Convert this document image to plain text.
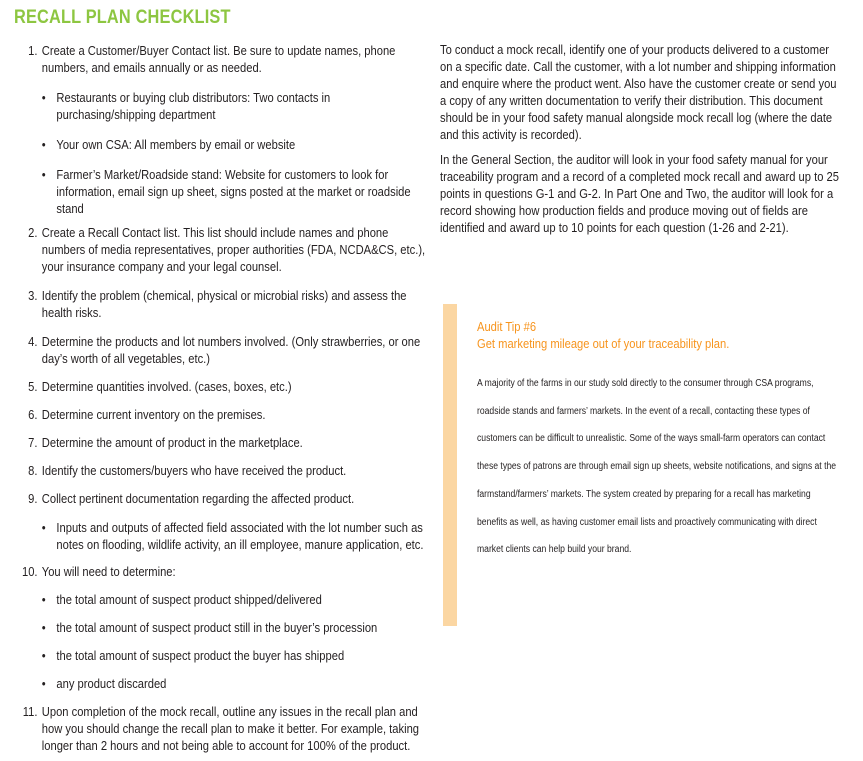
RECALL PLAN CHECKLIST
1. Create a Customer/Buyer Contact list. Be sure to update names, phone numbers, and emails annually or as needed.
• Restaurants or buying club distributors: Two contacts in purchasing/shipping department
• Your own CSA: All members by email or website
• Farmer’s Market/Roadside stand: Website for customers to look for information, email sign up sheet, signs posted at the market or roadside stand
2. Create a Recall Contact list. This list should include names and phone numbers of media representatives, proper authorities (FDA, NCDA&CS, etc.), your insurance company and your legal counsel.
3. Identify the problem (chemical, physical or microbial risks) and assess the health risks.
4. Determine the products and lot numbers involved. (Only strawberries, or one day’s worth of all vegetables, etc.)
5. Determine quantities involved. (cases, boxes, etc.)
6. Determine current inventory on the premises.
7. Determine the amount of product in the marketplace.
8. Identify the customers/buyers who have received the product.
9. Collect pertinent documentation regarding the affected product.
• Inputs and outputs of affected field associated with the lot number such as notes on flooding, wildlife activity, an ill employee, manure application, etc.
10. You will need to determine:
• the total amount of suspect product shipped/delivered
• the total amount of suspect product still in the buyer’s procession
• the total amount of suspect product the buyer has shipped
• any product discarded
11. Upon completion of the mock recall, outline any issues in the recall plan and how you should change the recall plan to make it better. For example, taking longer than 2 hours and not being able to account for 100% of the product.

To conduct a mock recall, identify one of your products delivered to a customer on a specific date. Call the customer, with a lot number and shipping information and enquire where the product went. Also have the customer create or send you a copy of any written documentation to verify their distribution. This document should be in your food safety manual alongside mock recall log (where the date and this activity is recorded).

In the General Section, the auditor will look in your food safety manual for your traceability program and a record of a completed mock recall and award up to 25 points in questions G-1 and G-2. In Part One and Two, the auditor will look for a record showing how production fields and produce moving out of fields are identified and award up to 10 points for each question (1-26 and 2-21).

Audit Tip #6
Get marketing mileage out of your traceability plan.
A majority of the farms in our study sold directly to the consumer through CSA programs, roadside stands and farmers’ markets. In the event of a recall, contacting these types of customers can be difficult to unrealistic. Some of the ways small-farm operators can contact these types of patrons are through email sign up sheets, website notifications, and signs at the farmstand/farmers’ markets. The system created by preparing for a recall has marketing benefits as well, as having customer email lists and proactively communicating with direct market clients can help build your brand.
